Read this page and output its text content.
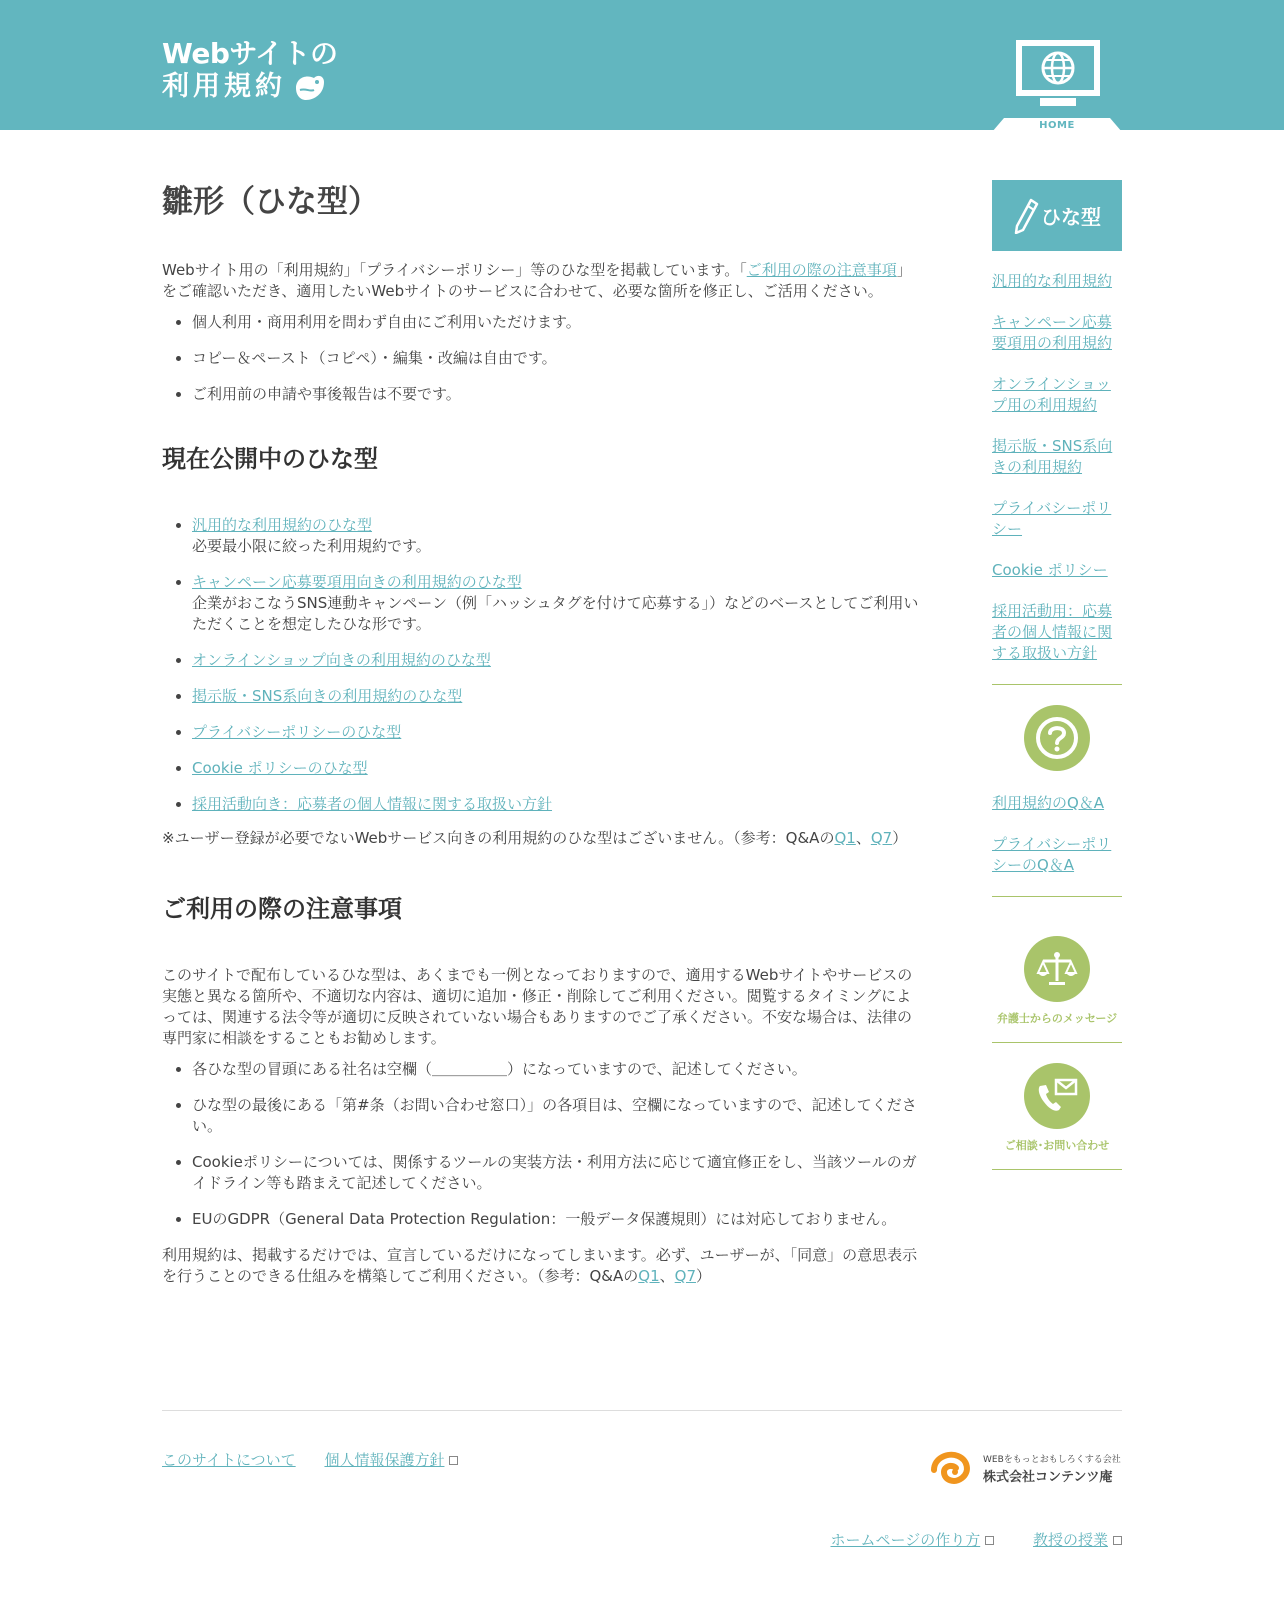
Webサイトの
利用規約
HOME
雛形（ひな型）

Webサイト用の「利用規約」「プライバシーポリシー」等のひな型を掲載しています。「ご利用の際の注意事項」をご確認いただき、適用したいWebサイトのサービスに合わせて、必要な箇所を修正し、ご活用ください。

• 個人利用・商用利用を問わず自由にご利用いただけます。
• コピー＆ペースト（コピペ）・編集・改編は自由です。
• ご利用前の申請や事後報告は不要です。
現在公開中のひな型
• 汎用的な利用規約のひな型
必要最小限に絞った利用規約です。
• キャンペーン応募要項用向きの利用規約のひな型
企業がおこなうSNS連動キャンペーン（例「ハッシュタグを付けて応募する」）などのベースとしてご利用いただくことを想定したひな形です。
• オンラインショップ向きの利用規約のひな型
• 掲示版・SNS系向きの利用規約のひな型
• プライバシーポリシーのひな型
• Cookie ポリシーのひな型
• 採用活動向き：応募者の個人情報に関する取扱い方針

※ユーザー登録が必要でないWebサービス向きの利用規約のひな型はございません。（参考：Q&AのQ1、Q7）

ご利用の際の注意事項

このサイトで配布しているひな型は、あくまでも一例となっておりますので、適用するWebサイトやサービスの実態と異なる箇所や、不適切な内容は、適切に追加・修正・削除してご利用ください。閲覧するタイミングによっては、関連する法令等が適切に反映されていない場合もありますのでご了承ください。不安な場合は、法律の専門家に相談をすることもお勧めします。

• 各ひな型の冒頭にある社名は空欄（＿＿＿＿＿）になっていますので、記述してください。
• ひな型の最後にある「第#条（お問い合わせ窓口）」の各項目は、空欄になっていますので、記述してください。
• Cookieポリシーについては、関係するツールの実装方法・利用方法に応じて適宜修正をし、当該ツールのガイドライン等も踏まえて記述してください。
• EUのGDPR（General Data Protection Regulation：一般データ保護規則）には対応しておりません。

利用規約は、掲載するだけでは、宣言しているだけになってしまいます。必ず、ユーザーが、「同意」の意思表示を行うことのできる仕組みを構築してご利用ください。（参考：Q&AのQ1、Q7）

ひな型
汎用的な利用規約
キャンペーン応募要項用の利用規約
オンラインショップ用の利用規約
掲示版・SNS系向きの利用規約
プライバシーポリシー
Cookie ポリシー
採用活動用：応募者の個人情報に関する取扱い方針
利用規約のQ＆A
プライバシーポリシーのQ＆A
弁護士からのメッセージ
ご相談･お問い合わせ
このサイトについて 個人情報保護方針	WEBをもっとおもしろくする会社
株式会社コンテンツ庵
ホームページの作り方	教授の授業
